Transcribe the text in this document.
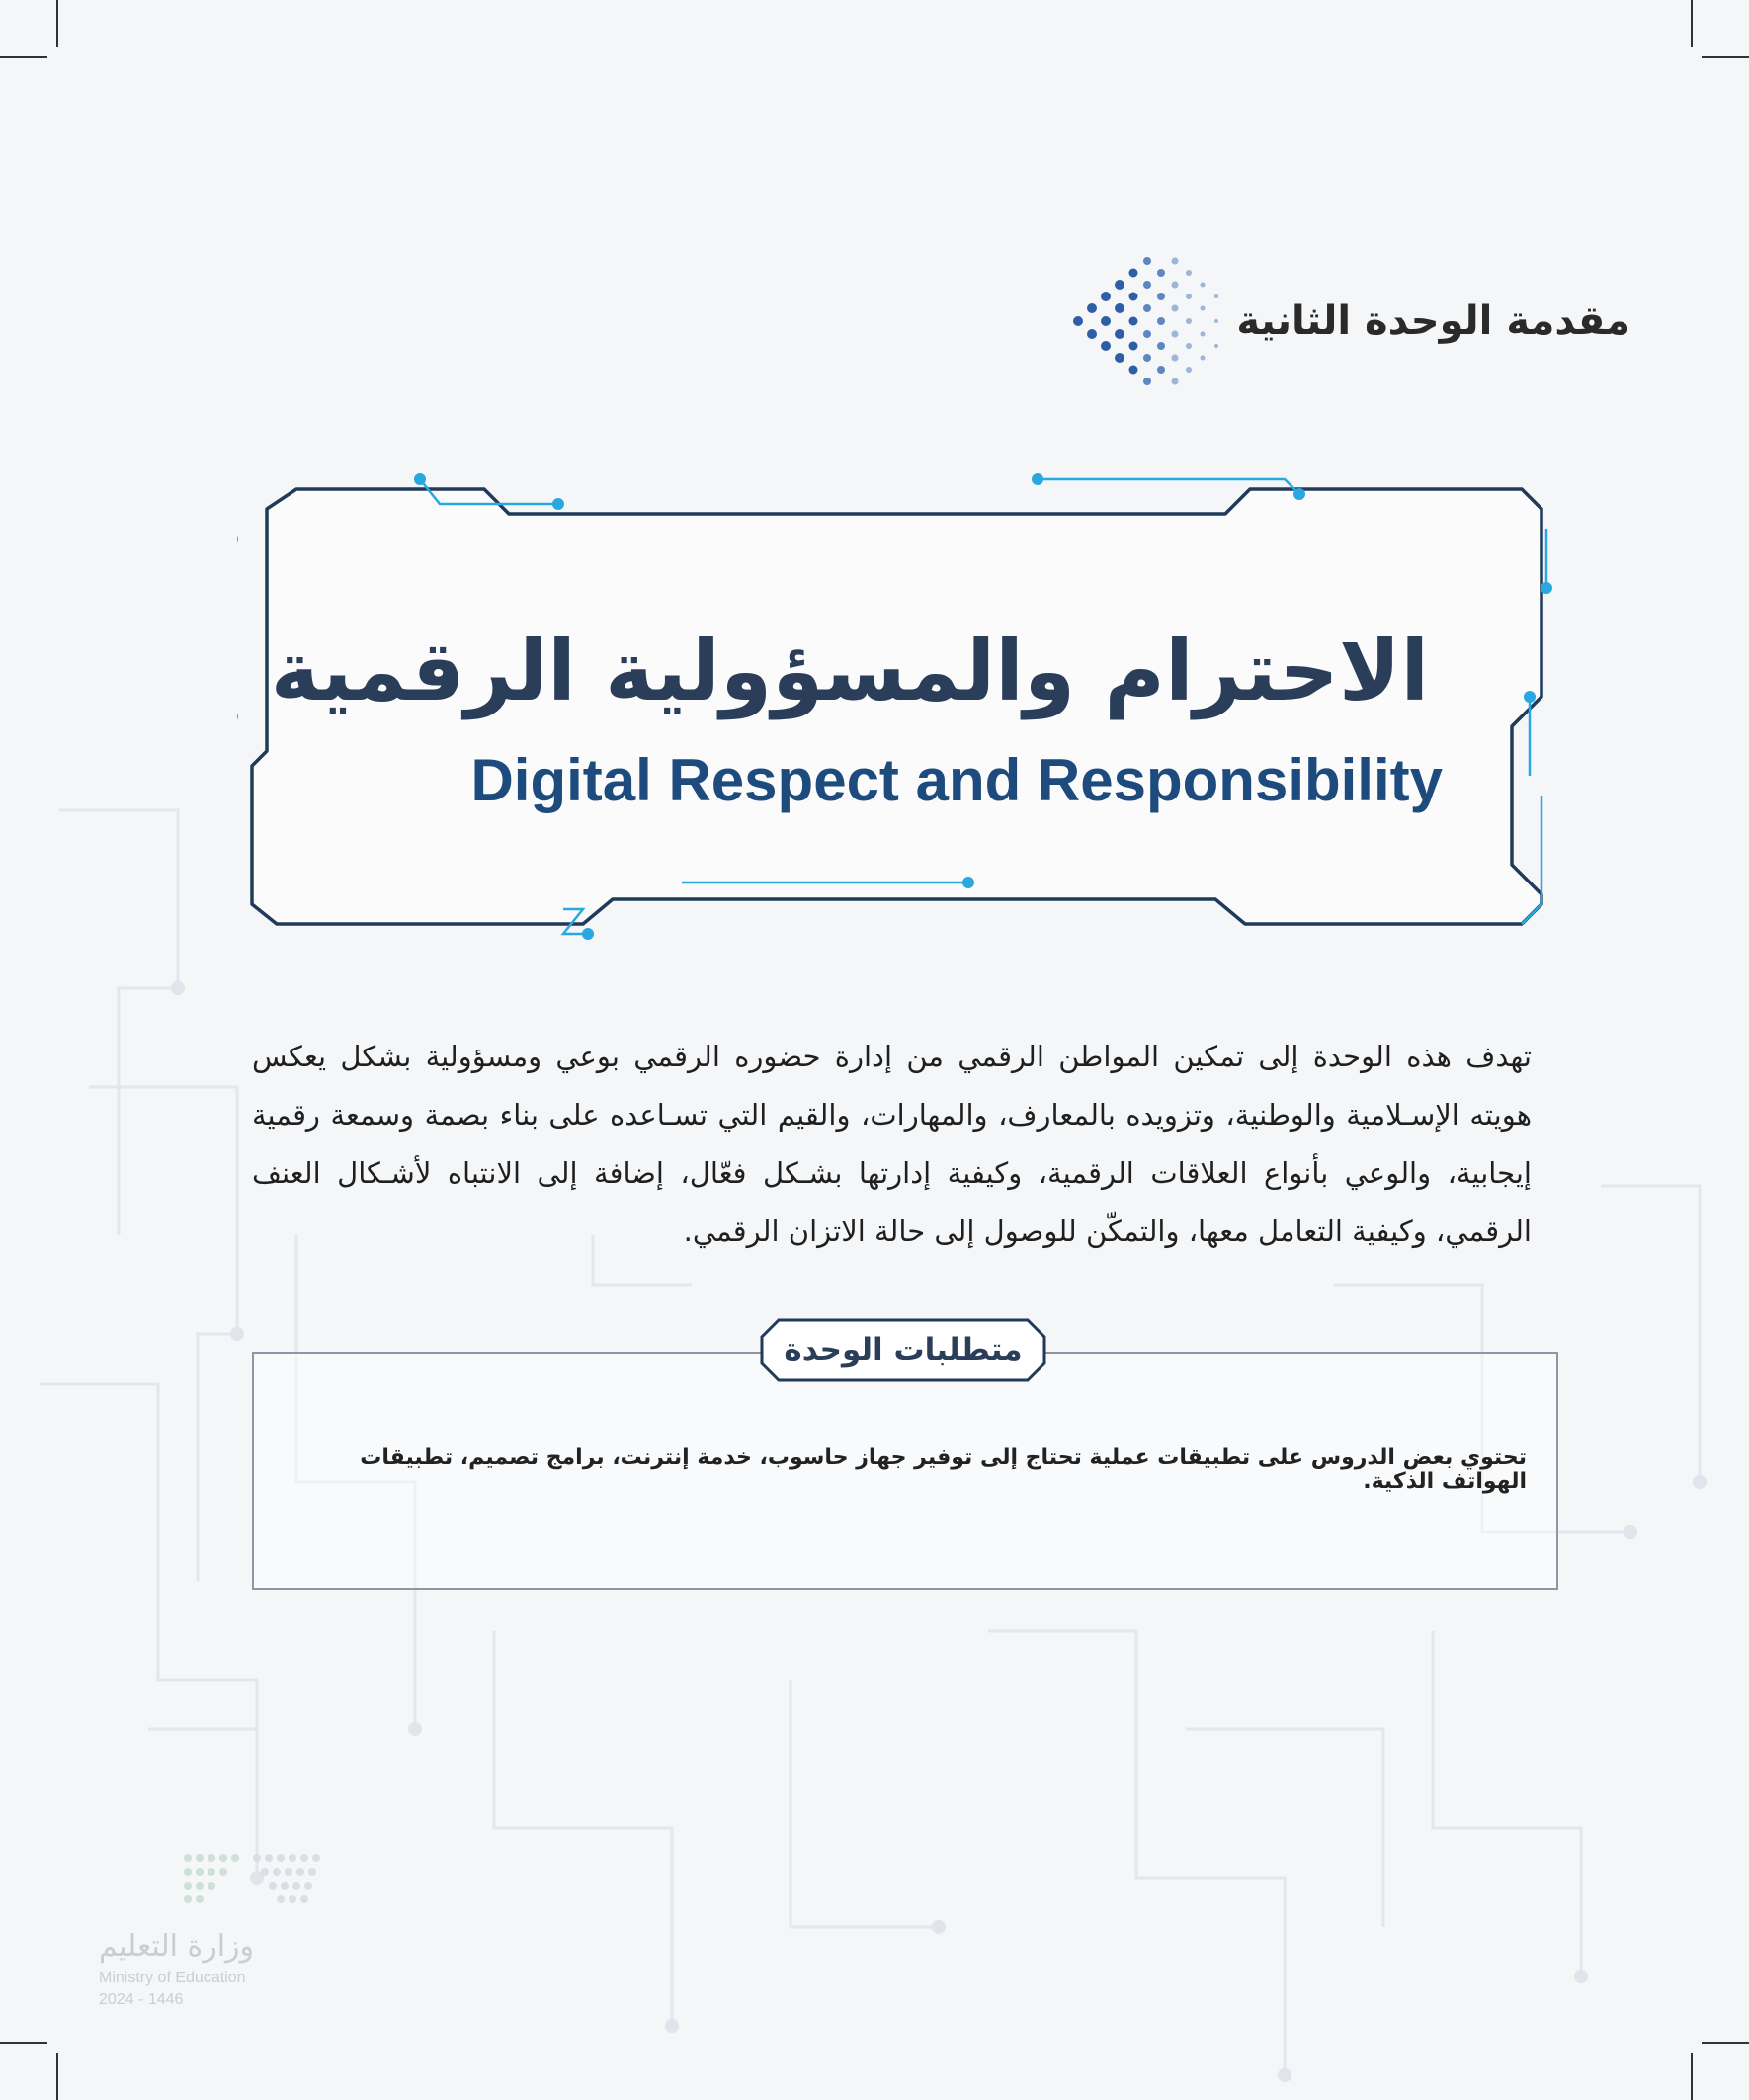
مقدمة الوحدة الثانية
الاحترام والمسؤولية الرقمية
Digital Respect and Responsibility
تهدف هذه الوحدة إلى تمكين المواطن الرقمي من إدارة حضوره الرقمي بوعي ومسؤولية بشكل يعكس هويته الإسـلامية والوطنية، وتزويده بالمعارف، والمهارات، والقيم التي تسـاعده على بناء بصمة وسمعة رقمية إيجابية، والوعي بأنواع العلاقات الرقمية، وكيفية إدارتها بشـكل فعّال، إضافة إلى الانتباه لأشـكال العنف الرقمي، وكيفية التعامل معها، والتمكّن للوصول إلى حالة الاتزان الرقمي.
متطلبات الوحدة
تحتوي بعض الدروس على تطبيقات عملية تحتاج إلى توفير جهاز حاسوب، خدمة إنترنت، برامج تصميم، تطبيقات الهواتف الذكية.
وزارة التعليم
Ministry of Education
2024 - 1446
